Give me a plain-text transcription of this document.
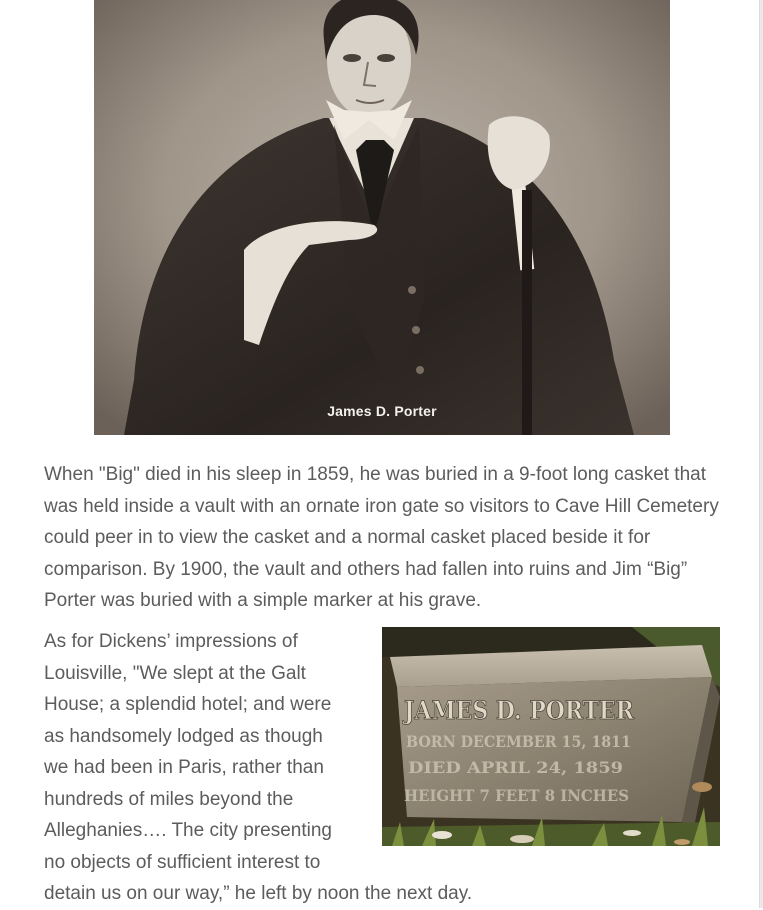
James D. Porter

When "Big" died in his sleep in 1859, he was buried in a 9-foot long casket that was held inside a vault with an ornate iron gate so visitors to Cave Hill Cemetery could peer in to view the casket and a normal casket placed beside it for comparison. By 1900, the vault and others had fallen into ruins and Jim “Big” Porter was buried with a simple marker at his grave.

As for Dickens’ impressions of
Louisville, "We slept at the Galt
House; a splendid hotel; and were
as handsomely lodged as though
we had been in Paris, rather than
hundreds of miles beyond the
Alleghanies…. The city presenting
no objects of sufficient interest to

detain us on our way,” he left by noon the next day.

JAMES D. PORTER
BORN DECEMBER 15, 1811
DIED APRIL 24, 1859
HEIGHT 7 FEET 8 INCHES
